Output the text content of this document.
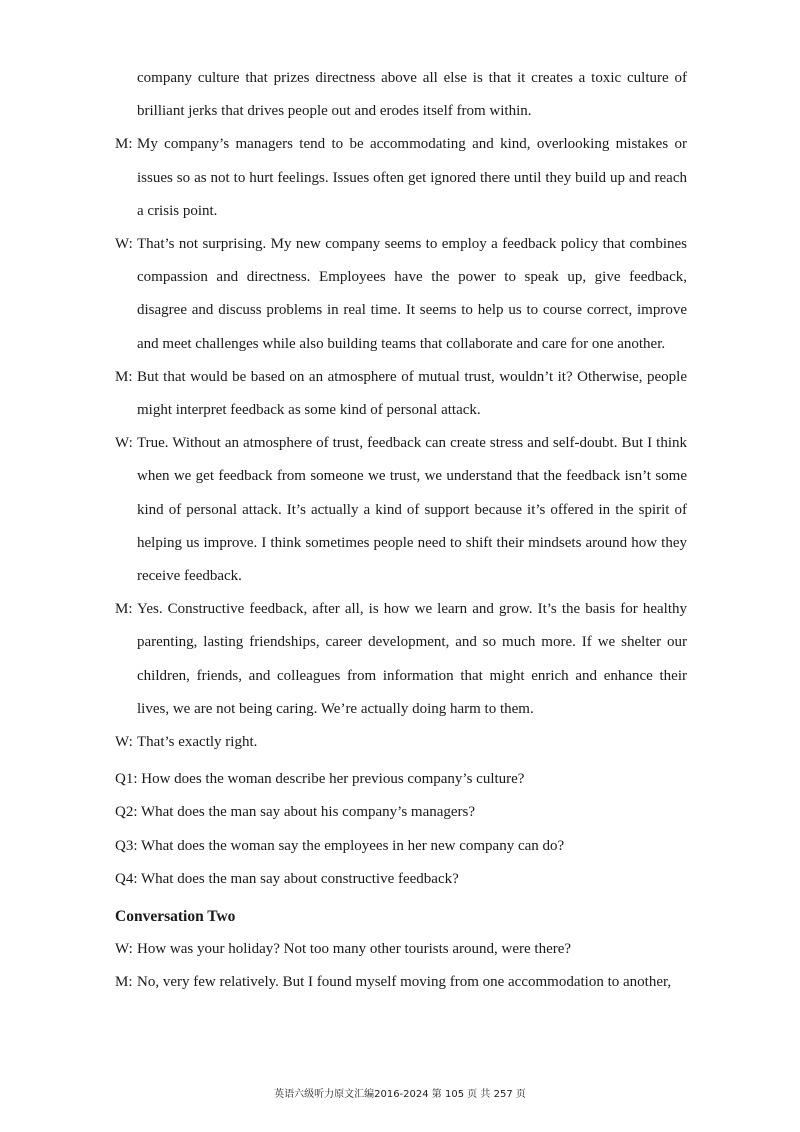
company culture that prizes directness above all else is that it creates a toxic culture of brilliant jerks that drives people out and erodes itself from within.

M: My company’s managers tend to be accommodating and kind, overlooking mistakes or issues so as not to hurt feelings. Issues often get ignored there until they build up and reach a crisis point.

W: That’s not surprising. My new company seems to employ a feedback policy that combines compassion and directness. Employees have the power to speak up, give feedback, disagree and discuss problems in real time. It seems to help us to course correct, improve and meet challenges while also building teams that collaborate and care for one another.

M: But that would be based on an atmosphere of mutual trust, wouldn’t it? Otherwise, people might interpret feedback as some kind of personal attack.

W: True. Without an atmosphere of trust, feedback can create stress and self-doubt. But I think when we get feedback from someone we trust, we understand that the feedback isn’t some kind of personal attack. It’s actually a kind of support because it’s offered in the spirit of helping us improve. I think sometimes people need to shift their mindsets around how they receive feedback.

M: Yes. Constructive feedback, after all, is how we learn and grow. It’s the basis for healthy parenting, lasting friendships, career development, and so much more. If we shelter our children, friends, and colleagues from information that might enrich and enhance their lives, we are not being caring. We’re actually doing harm to them.

W: That’s exactly right.

Q1: How does the woman describe her previous company’s culture?

Q2: What does the man say about his company’s managers?

Q3: What does the woman say the employees in her new company can do?

Q4: What does the man say about constructive feedback?

Conversation Two

W: How was your holiday? Not too many other tourists around, were there?

M: No, very few relatively. But I found myself moving from one accommodation to another,

英语六级听力原文汇编2016-2024 第 105 页 共 257 页
